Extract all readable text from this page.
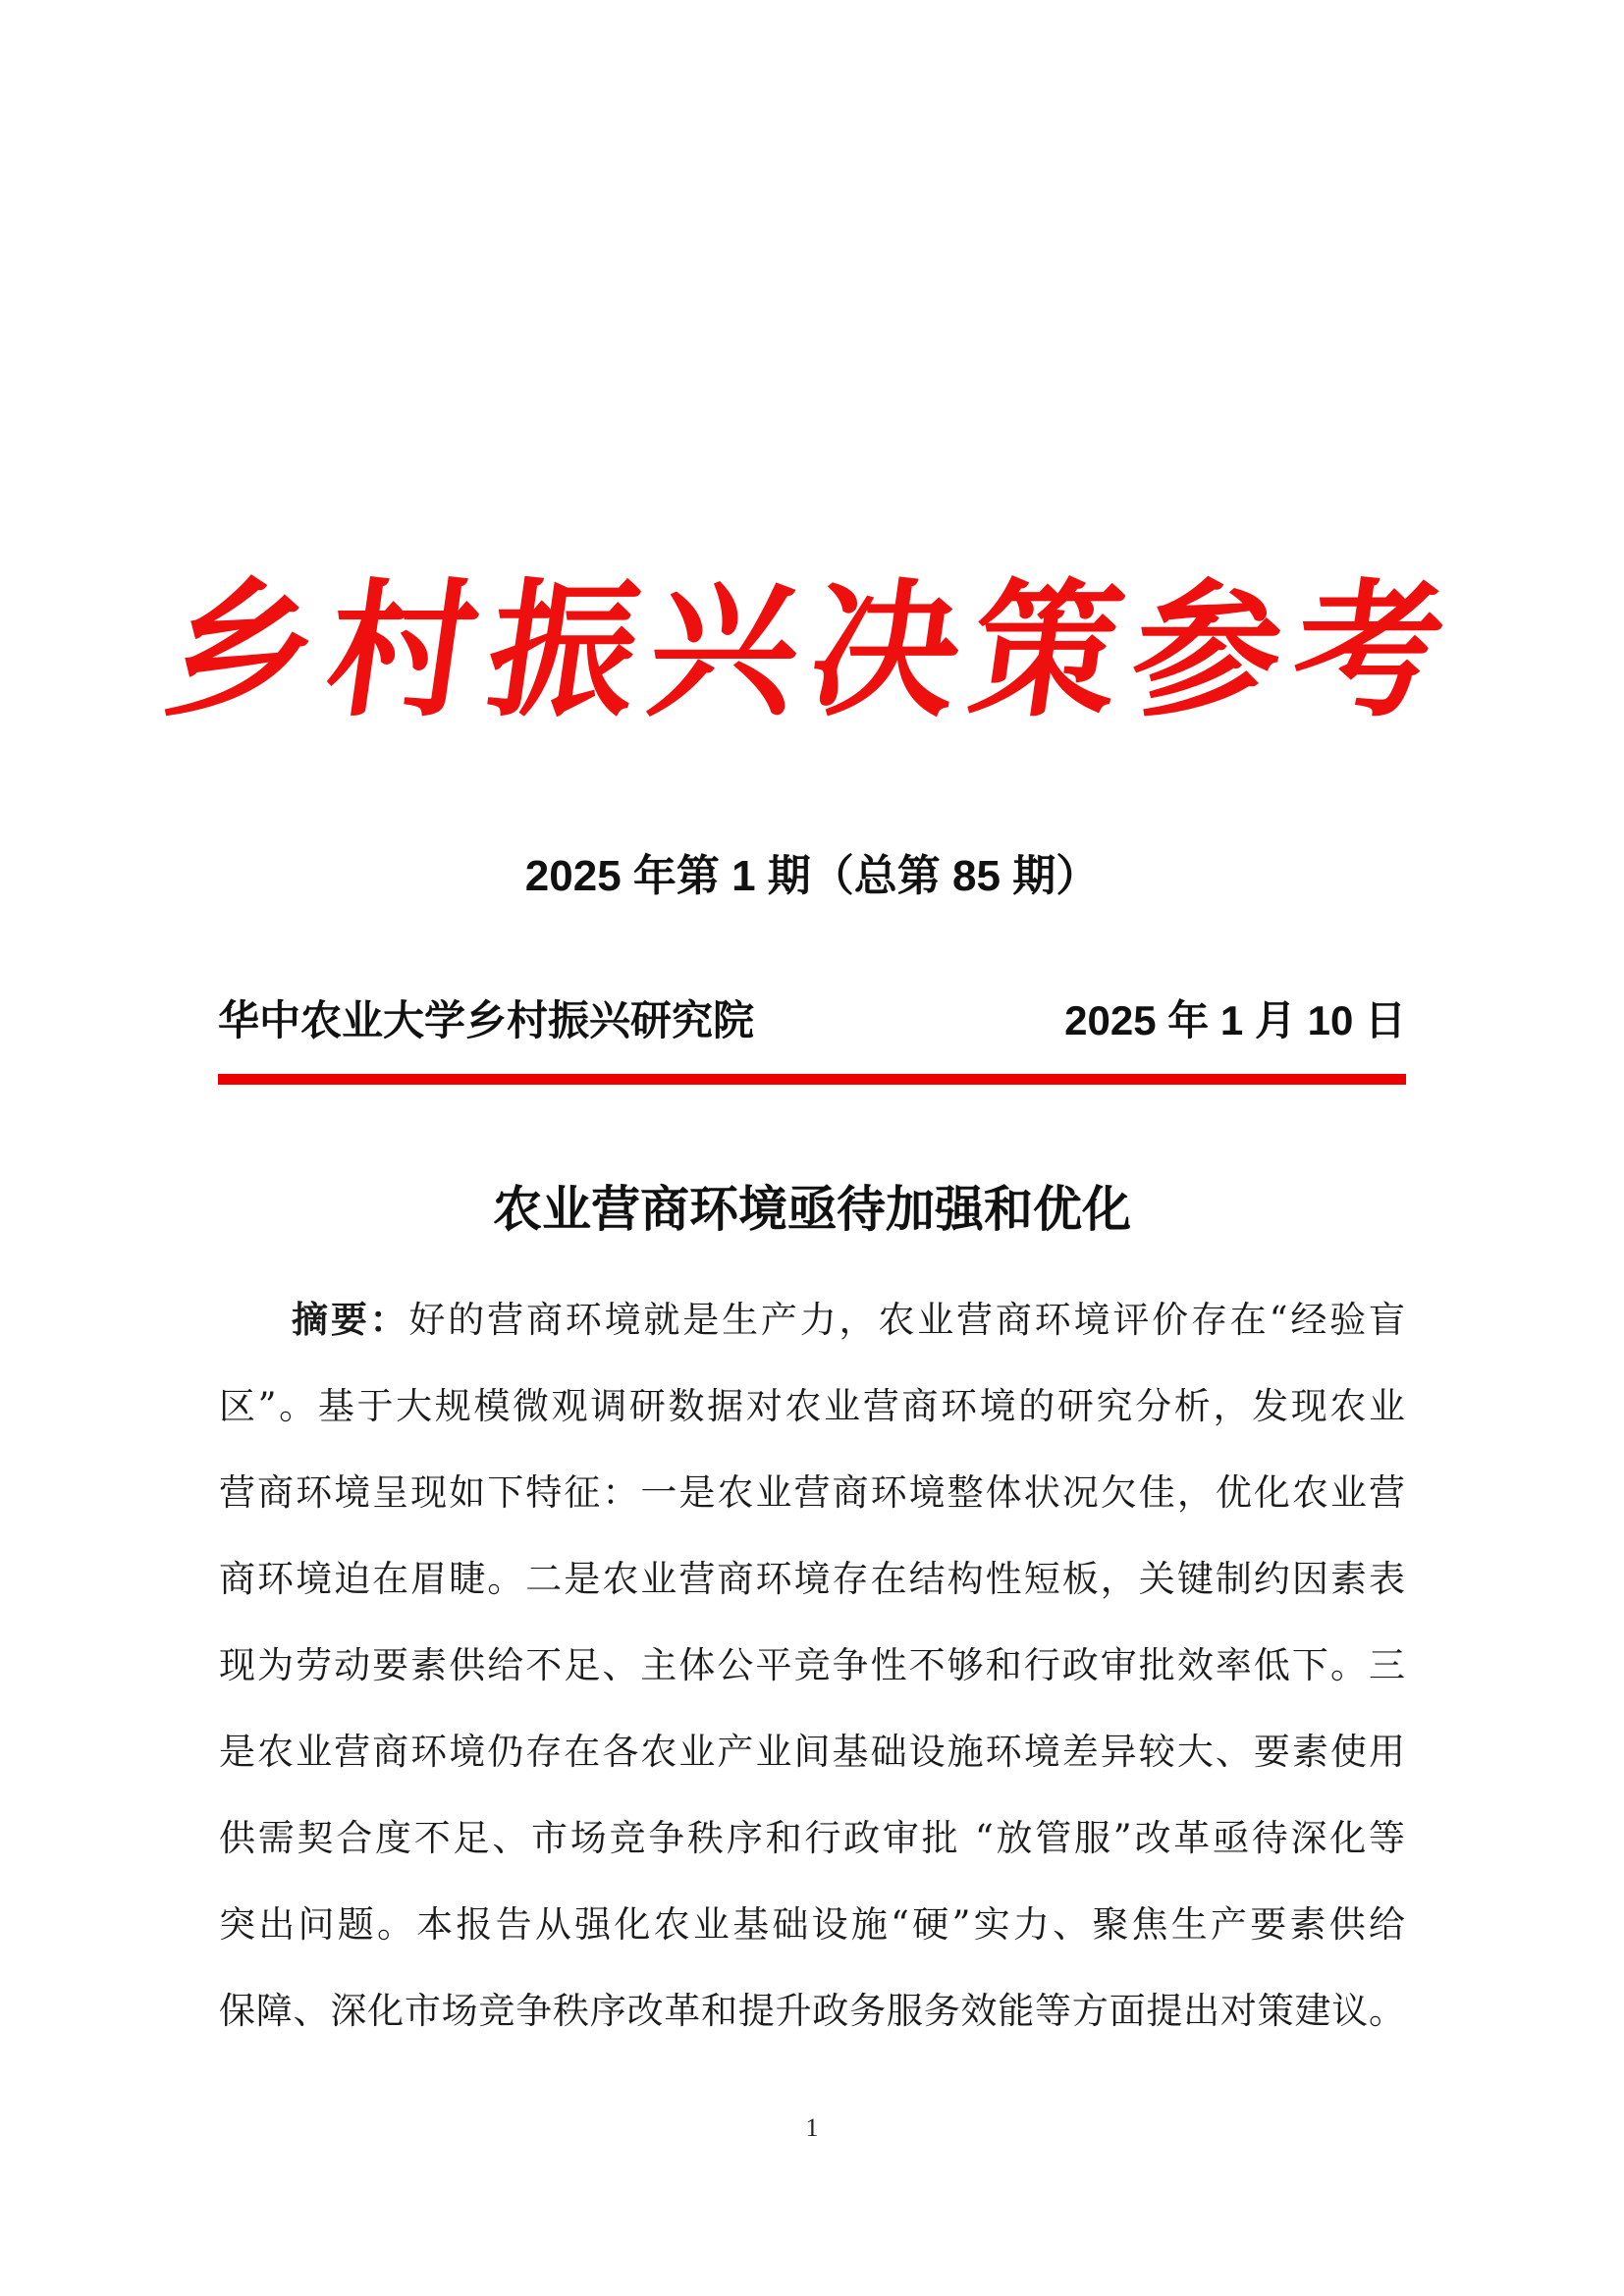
乡村振兴决策参考
2025 年第 1 期（总第 85 期）
华中农业大学乡村振兴研究院	2025 年 1 月 10 日
农业营商环境亟待加强和优化
摘要：好的营商环境就是生产力，农业营商环境评价存在“经验盲
区”。基于大规模微观调研数据对农业营商环境的研究分析，发现农业
营商环境呈现如下特征：一是农业营商环境整体状况欠佳，优化农业营
商环境迫在眉睫。二是农业营商环境存在结构性短板，关键制约因素表
现为劳动要素供给不足、主体公平竞争性不够和行政审批效率低下。三
是农业营商环境仍存在各农业产业间基础设施环境差异较大、要素使用
供需契合度不足、市场竞争秩序和行政审批 “放管服”改革亟待深化等
突出问题。本报告从强化农业基础设施“硬”实力、聚焦生产要素供给
保障、深化市场竞争秩序改革和提升政务服务效能等方面提出对策建议。
1
